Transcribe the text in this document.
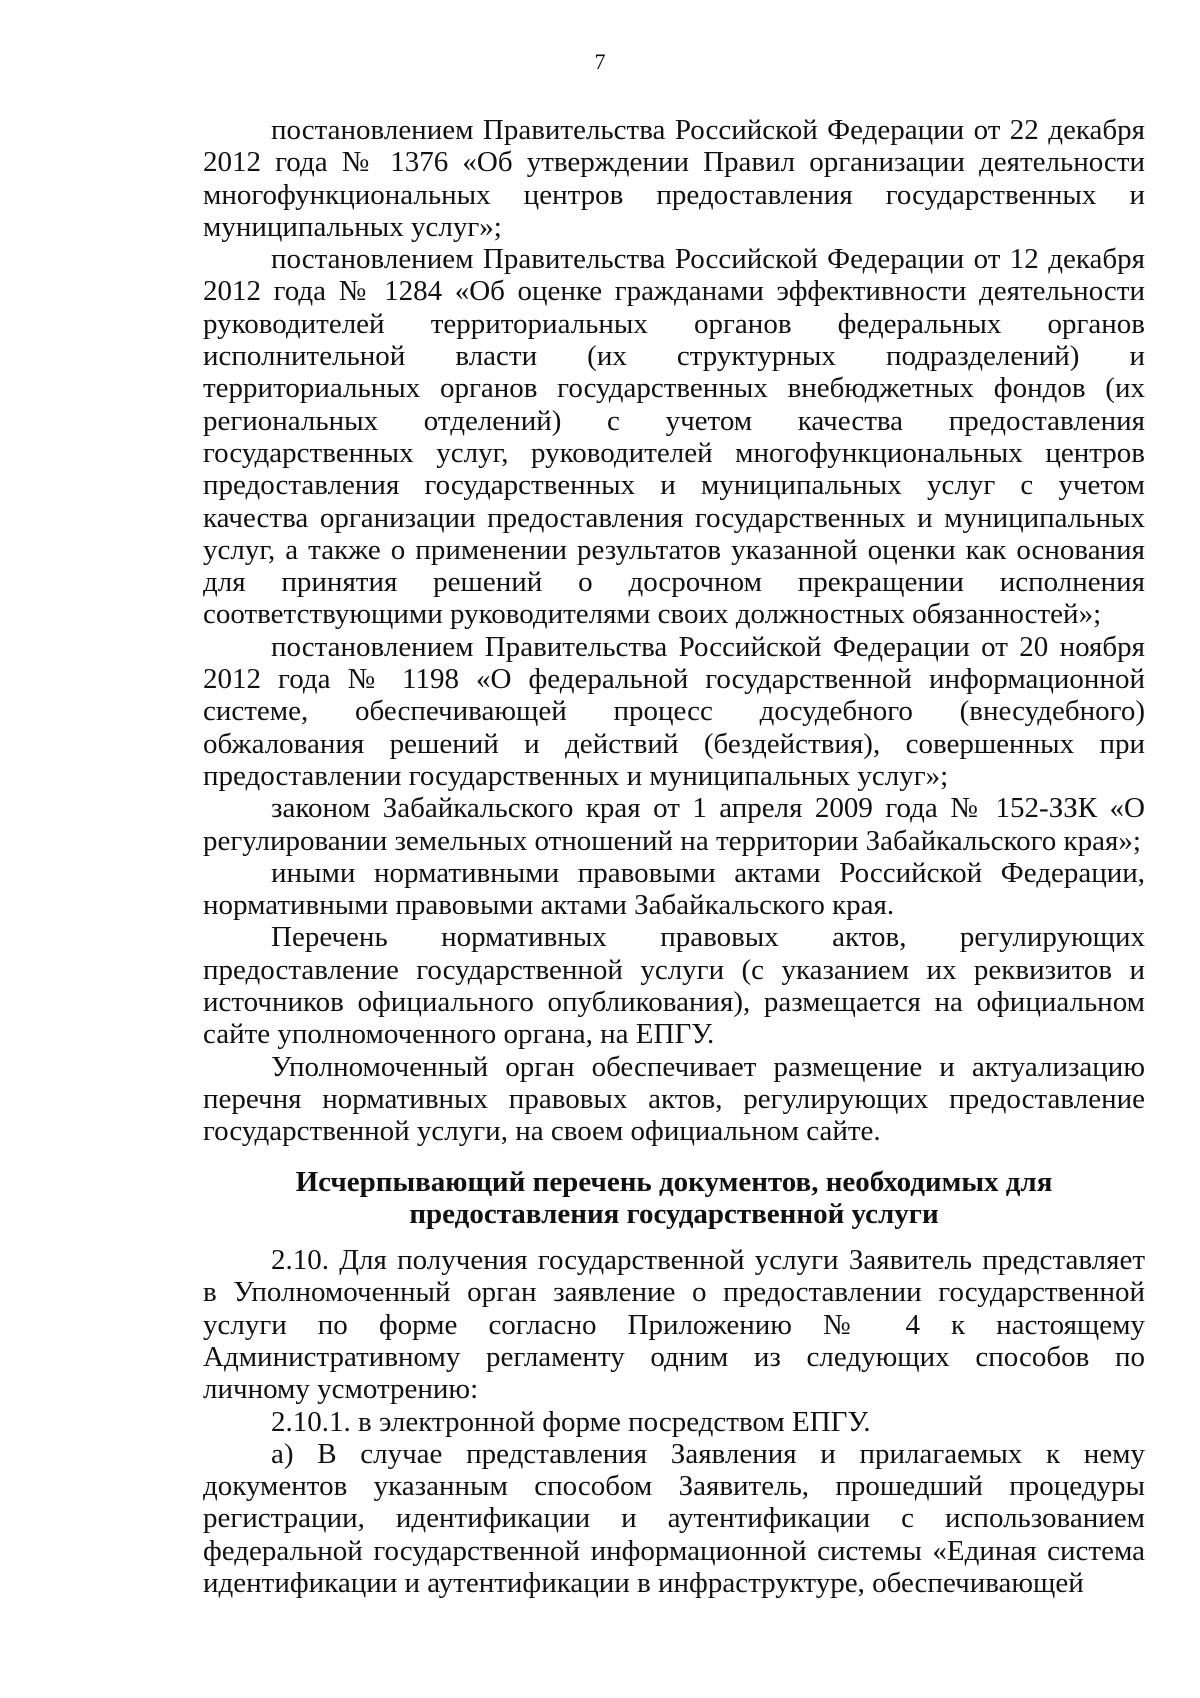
7

постановлением Правительства Российской Федерации от 22 декабря 2012 года № 1376 «Об утверждении Правил организации деятельности многофункциональных центров предоставления государственных и муниципальных услуг»;

постановлением Правительства Российской Федерации от 12 декабря 2012 года № 1284 «Об оценке гражданами эффективности деятельности руководителей территориальных органов федеральных органов исполнительной власти (их структурных подразделений) и территориальных органов государственных внебюджетных фондов (их региональных отделений) с учетом качества предоставления государственных услуг, руководителей многофункциональных центров предоставления государственных и муниципальных услуг с учетом качества организации предоставления государственных и муниципальных услуг, а также о применении результатов указанной оценки как основания для принятия решений о досрочном прекращении исполнения соответствующими руководителями своих должностных обязанностей»;

постановлением Правительства Российской Федерации от 20 ноября 2012 года № 1198 «О федеральной государственной информационной системе, обеспечивающей процесс досудебного (внесудебного) обжалования решений и действий (бездействия), совершенных при предоставлении государственных и муниципальных услуг»;

законом Забайкальского края от 1 апреля 2009 года № 152-ЗЗК «О регулировании земельных отношений на территории Забайкальского края»;

иными нормативными правовыми актами Российской Федерации, нормативными правовыми актами Забайкальского края.

Перечень нормативных правовых актов, регулирующих предоставление государственной услуги (с указанием их реквизитов и источников официального опубликования), размещается на официальном сайте уполномоченного органа, на ЕПГУ.

Уполномоченный орган обеспечивает размещение и актуализацию перечня нормативных правовых актов, регулирующих предоставление государственной услуги, на своем официальном сайте.

Исчерпывающий перечень документов, необходимых для
предоставления государственной услуги

2.10. Для получения государственной услуги Заявитель представляет в Уполномоченный орган заявление о предоставлении государственной услуги по форме согласно Приложению № 4 к настоящему Административному регламенту одним из следующих способов по личному усмотрению:

2.10.1. в электронной форме посредством ЕПГУ.

а) В случае представления Заявления и прилагаемых к нему документов указанным способом Заявитель, прошедший процедуры регистрации, идентификации и аутентификации с использованием федеральной государственной информационной системы «Единая система идентификации и аутентификации в инфраструктуре, обеспечивающей
